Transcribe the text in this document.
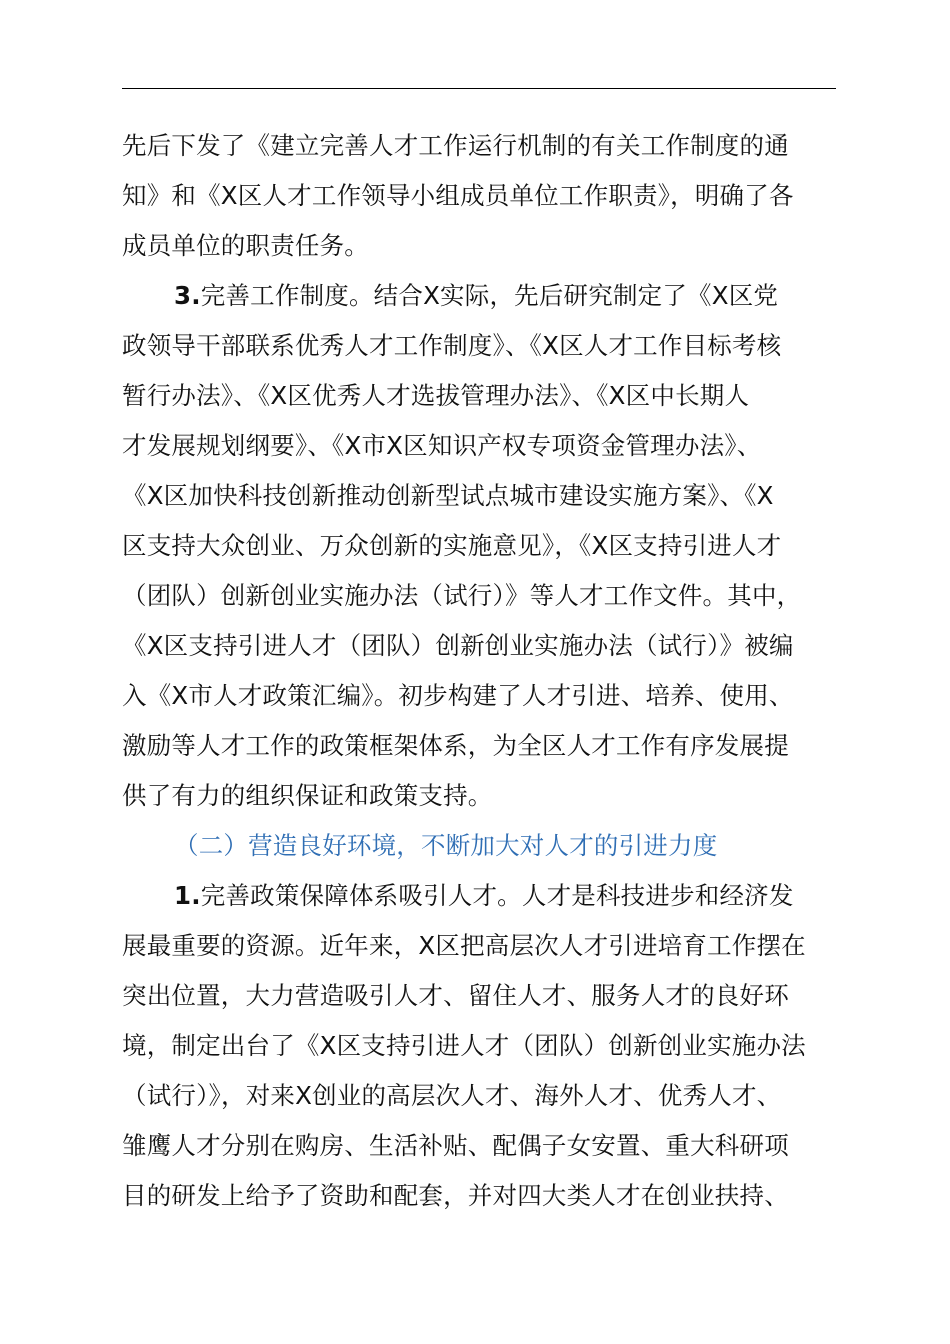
先后下发了《建立完善人才工作运行机制的有关工作制度的通
知》和《X区人才工作领导小组成员单位工作职责》，明确了各
成员单位的职责任务。
3.完善工作制度。结合X实际，先后研究制定了《X区党
政领导干部联系优秀人才工作制度》、《X区人才工作目标考核
暂行办法》、《X区优秀人才选拔管理办法》、《X区中长期人
才发展规划纲要》、《X市X区知识产权专项资金管理办法》、
《X区加快科技创新推动创新型试点城市建设实施方案》、《X
区支持大众创业、万众创新的实施意见》，《X区支持引进人才
（团队）创新创业实施办法（试行）》等人才工作文件。其中，
《X区支持引进人才（团队）创新创业实施办法（试行）》被编
入《X市人才政策汇编》。初步构建了人才引进、培养、使用、
激励等人才工作的政策框架体系，为全区人才工作有序发展提
供了有力的组织保证和政策支持。
（二）营造良好环境，不断加大对人才的引进力度
1.完善政策保障体系吸引人才。人才是科技进步和经济发
展最重要的资源。近年来，X区把高层次人才引进培育工作摆在
突出位置，大力营造吸引人才、留住人才、服务人才的良好环
境，制定出台了《X区支持引进人才（团队）创新创业实施办法
（试行）》，对来X创业的高层次人才、海外人才、优秀人才、
雏鹰人才分别在购房、生活补贴、配偶子女安置、重大科研项
目的研发上给予了资助和配套，并对四大类人才在创业扶持、
